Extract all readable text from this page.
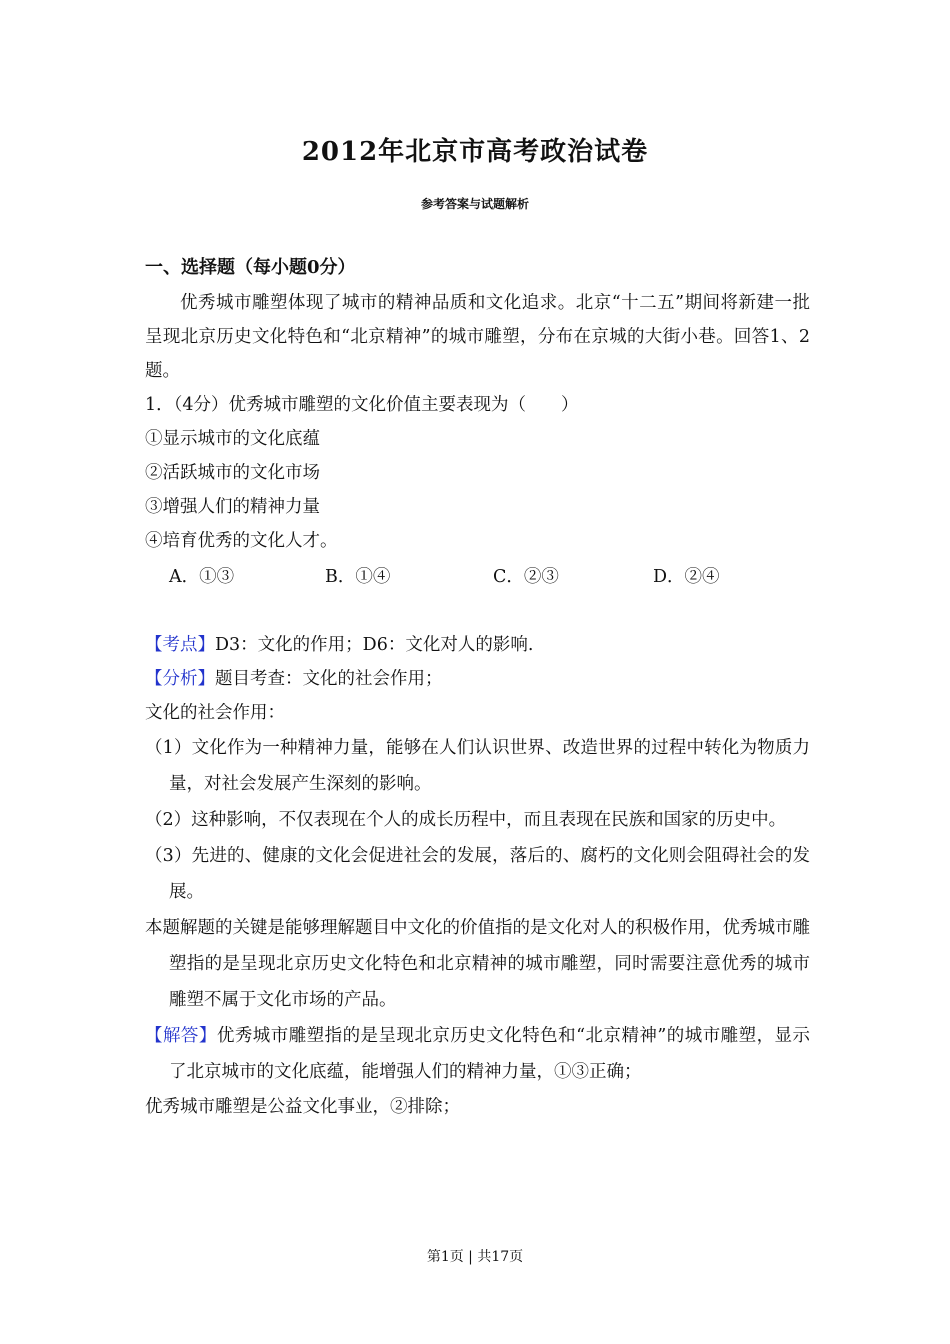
2012年北京市高考政治试卷
参考答案与试题解析
一、选择题（每小题0分）

优秀城市雕塑体现了城市的精神品质和文化追求。北京“十二五”期间将新建一批呈现北京历史文化特色和“北京精神”的城市雕塑，分布在京城的大街小巷。回答1、2题。

1．（4分）优秀城市雕塑的文化价值主要表现为（　　）

①显示城市的文化底蕴

②活跃城市的文化市场

③增强人们的精神力量

④培育优秀的文化人才。

A．①③	B．①④	C．②③	D．②④

【考点】D3：文化的作用；D6：文化对人的影响.

【分析】题目考查：文化的社会作用；

文化的社会作用：

（1）文化作为一种精神力量，能够在人们认识世界、改造世界的过程中转化为物质力量，对社会发展产生深刻的影响。

（2）这种影响，不仅表现在个人的成长历程中，而且表现在民族和国家的历史中。

（3）先进的、健康的文化会促进社会的发展，落后的、腐朽的文化则会阻碍社会的发展。

本题解题的关键是能够理解题目中文化的价值指的是文化对人的积极作用，优秀城市雕塑指的是呈现北京历史文化特色和北京精神的城市雕塑，同时需要注意优秀的城市雕塑不属于文化市场的产品。

【解答】优秀城市雕塑指的是呈现北京历史文化特色和“北京精神”的城市雕塑，显示了北京城市的文化底蕴，能增强人们的精神力量，①③正确；

优秀城市雕塑是公益文化事业，②排除；

第1页 | 共17页
